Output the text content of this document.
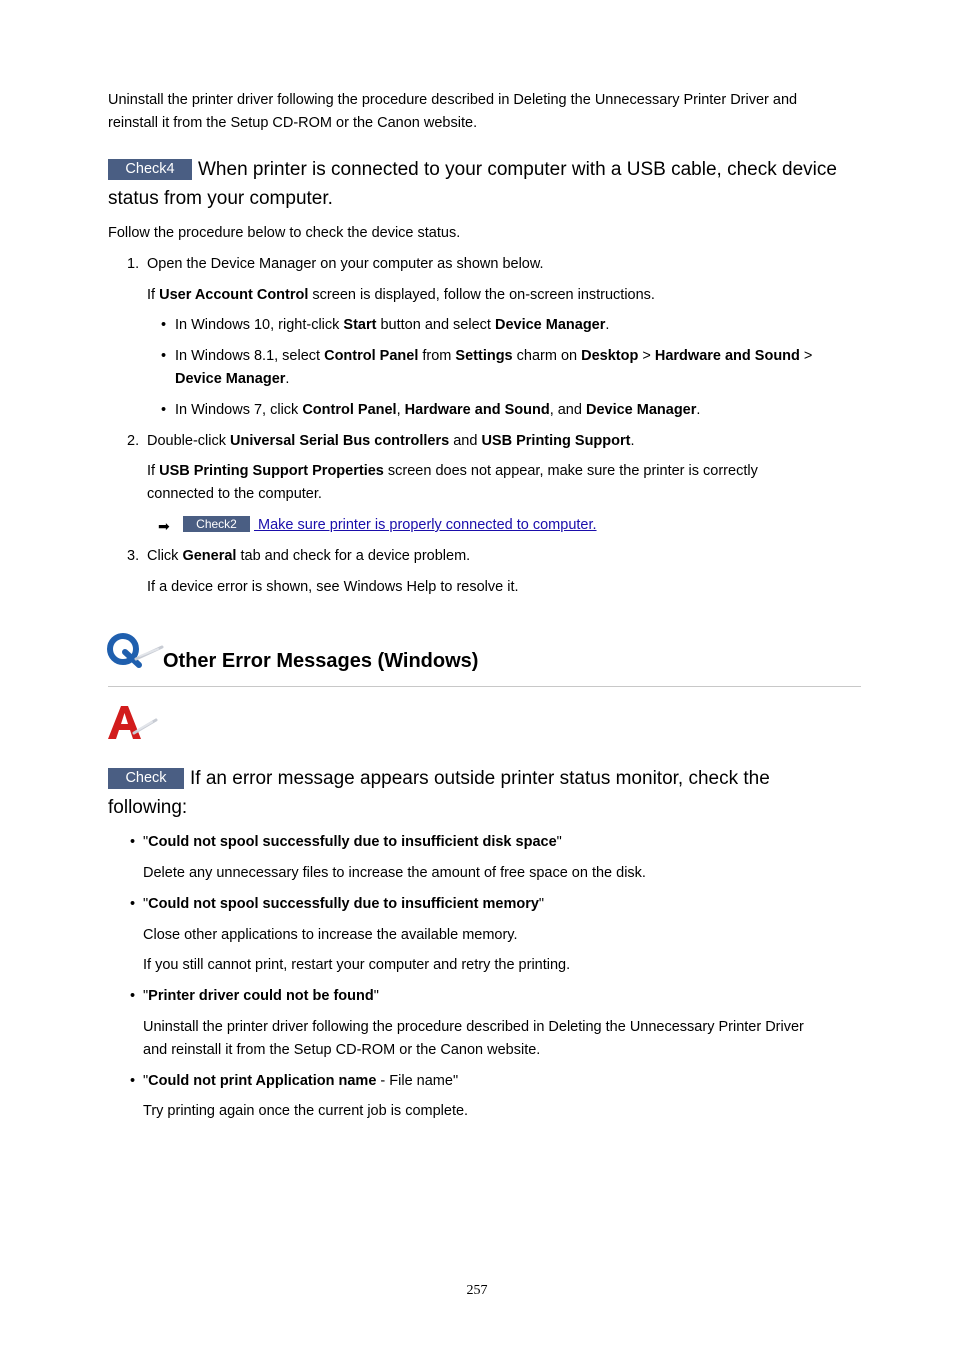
Uninstall the printer driver following the procedure described in Deleting the Unnecessary Printer Driver and
reinstall it from the Setup CD-ROM or the Canon website.

Check4 When printer is connected to your computer with a USB cable, check device
status from your computer.

Follow the procedure below to check the device status.

1. Open the Device Manager on your computer as shown below.

If User Account Control screen is displayed, follow the on-screen instructions.

• In Windows 10, right-click Start button and select Device Manager.

• In Windows 8.1, select Control Panel from Settings charm on Desktop > Hardware and Sound >
Device Manager.

• In Windows 7, click Control Panel, Hardware and Sound, and Device Manager.

2. Double-click Universal Serial Bus controllers and USB Printing Support.

If USB Printing Support Properties screen does not appear, make sure the printer is correctly
connected to the computer.

➡	Check2 Make sure printer is properly connected to computer.

3. Click General tab and check for a device problem.

If a device error is shown, see Windows Help to resolve it.

Other Error Messages (Windows)
Check If an error message appears outside printer status monitor, check the
following:
• "Could not spool successfully due to insufficient disk space"

Delete any unnecessary files to increase the amount of free space on the disk.

• "Could not spool successfully due to insufficient memory"

Close other applications to increase the available memory.

If you still cannot print, restart your computer and retry the printing.

• "Printer driver could not be found"

Uninstall the printer driver following the procedure described in Deleting the Unnecessary Printer Driver
and reinstall it from the Setup CD-ROM or the Canon website.

• "Could not print Application name - File name"

Try printing again once the current job is complete.

257
